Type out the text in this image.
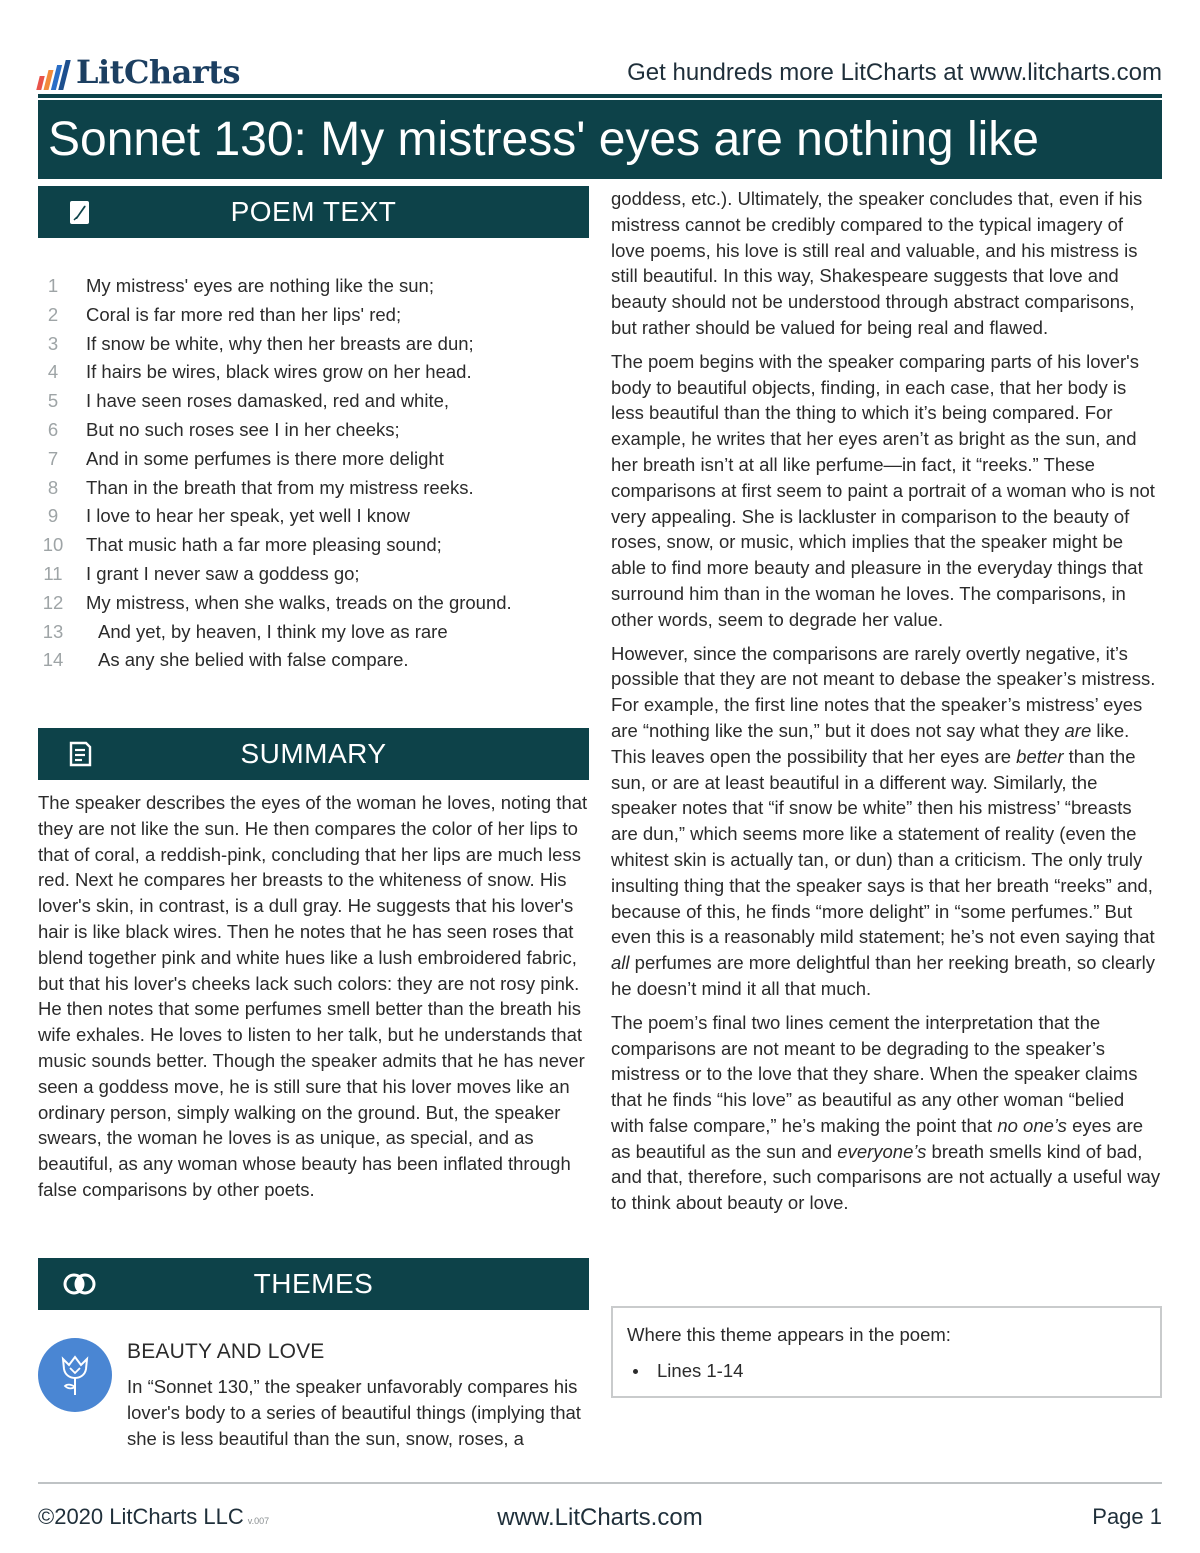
LitCharts	Get hundreds more LitCharts at www.litcharts.com
Sonnet 130: My mistress' eyes are nothing like
POEM TEXT
1	My mistress' eyes are nothing like the sun;
2	Coral is far more red than her lips' red;
3	If snow be white, why then her breasts are dun;
4	If hairs be wires, black wires grow on her head.
5	I have seen roses damasked, red and white,
6	But no such roses see I in her cheeks;
7	And in some perfumes is there more delight
8	Than in the breath that from my mistress reeks.
9	I love to hear her speak, yet well I know
10 That music hath a far more pleasing sound;
11 I grant I never saw a goddess go;
12 My mistress, when she walks, treads on the ground.
13 And yet, by heaven, I think my love as rare
14 As any she belied with false compare.
SUMMARY
The speaker describes the eyes of the woman he loves, noting that they are not like the sun. He then compares the color of her lips to that of coral, a reddish-pink, concluding that her lips are much less red. Next he compares her breasts to the whiteness of snow. His lover's skin, in contrast, is a dull gray. He suggests that his lover's hair is like black wires. Then he notes that he has seen roses that blend together pink and white hues like a lush embroidered fabric, but that his lover's cheeks lack such colors: they are not rosy pink. He then notes that some perfumes smell better than the breath his wife exhales. He loves to listen to her talk, but he understands that music sounds better. Though the speaker admits that he has never seen a goddess move, he is still sure that his lover moves like an ordinary person, simply walking on the ground. But, the speaker swears, the woman he loves is as unique, as special, and as beautiful, as any woman whose beauty has been inflated through false comparisons by other poets.
THEMES
BEAUTY AND LOVE
In “Sonnet 130,” the speaker unfavorably compares his lover's body to a series of beautiful things (implying that she is less beautiful than the sun, snow, roses, a

goddess, etc.). Ultimately, the speaker concludes that, even if his mistress cannot be credibly compared to the typical imagery of love poems, his love is still real and valuable, and his mistress is still beautiful. In this way, Shakespeare suggests that love and beauty should not be understood through abstract comparisons, but rather should be valued for being real and flawed.

The poem begins with the speaker comparing parts of his lover's body to beautiful objects, finding, in each case, that her body is less beautiful than the thing to which it’s being compared. For example, he writes that her eyes aren’t as bright as the sun, and her breath isn’t at all like perfume—in fact, it “reeks.” These comparisons at first seem to paint a portrait of a woman who is not very appealing. She is lackluster in comparison to the beauty of roses, snow, or music, which implies that the speaker might be able to find more beauty and pleasure in the everyday things that surround him than in the woman he loves. The comparisons, in other words, seem to degrade her value.

However, since the comparisons are rarely overtly negative, it’s possible that they are not meant to debase the speaker’s mistress. For example, the first line notes that the speaker’s mistress’ eyes are “nothing like the sun,” but it does not say what they are like. This leaves open the possibility that her eyes are better than the sun, or are at least beautiful in a different way. Similarly, the speaker notes that “if snow be white” then his mistress’ “breasts are dun,” which seems more like a statement of reality (even the whitest skin is actually tan, or dun) than a criticism. The only truly insulting thing that the speaker says is that her breath “reeks” and, because of this, he finds “more delight” in “some perfumes.” But even this is a reasonably mild statement; he’s not even saying that all perfumes are more delightful than her reeking breath, so clearly he doesn’t mind it all that much.

The poem’s final two lines cement the interpretation that the comparisons are not meant to be degrading to the speaker’s mistress or to the love that they share. When the speaker claims that he finds “his love” as beautiful as any other woman “belied with false compare,” he’s making the point that no one’s eyes are as beautiful as the sun and everyone’s breath smells kind of bad, and that, therefore, such comparisons are not actually a useful way to think about beauty or love.

Where this theme appears in the poem:
Lines 1-14
©2020 LitCharts LLC v.007	www.LitCharts.com	Page 1
